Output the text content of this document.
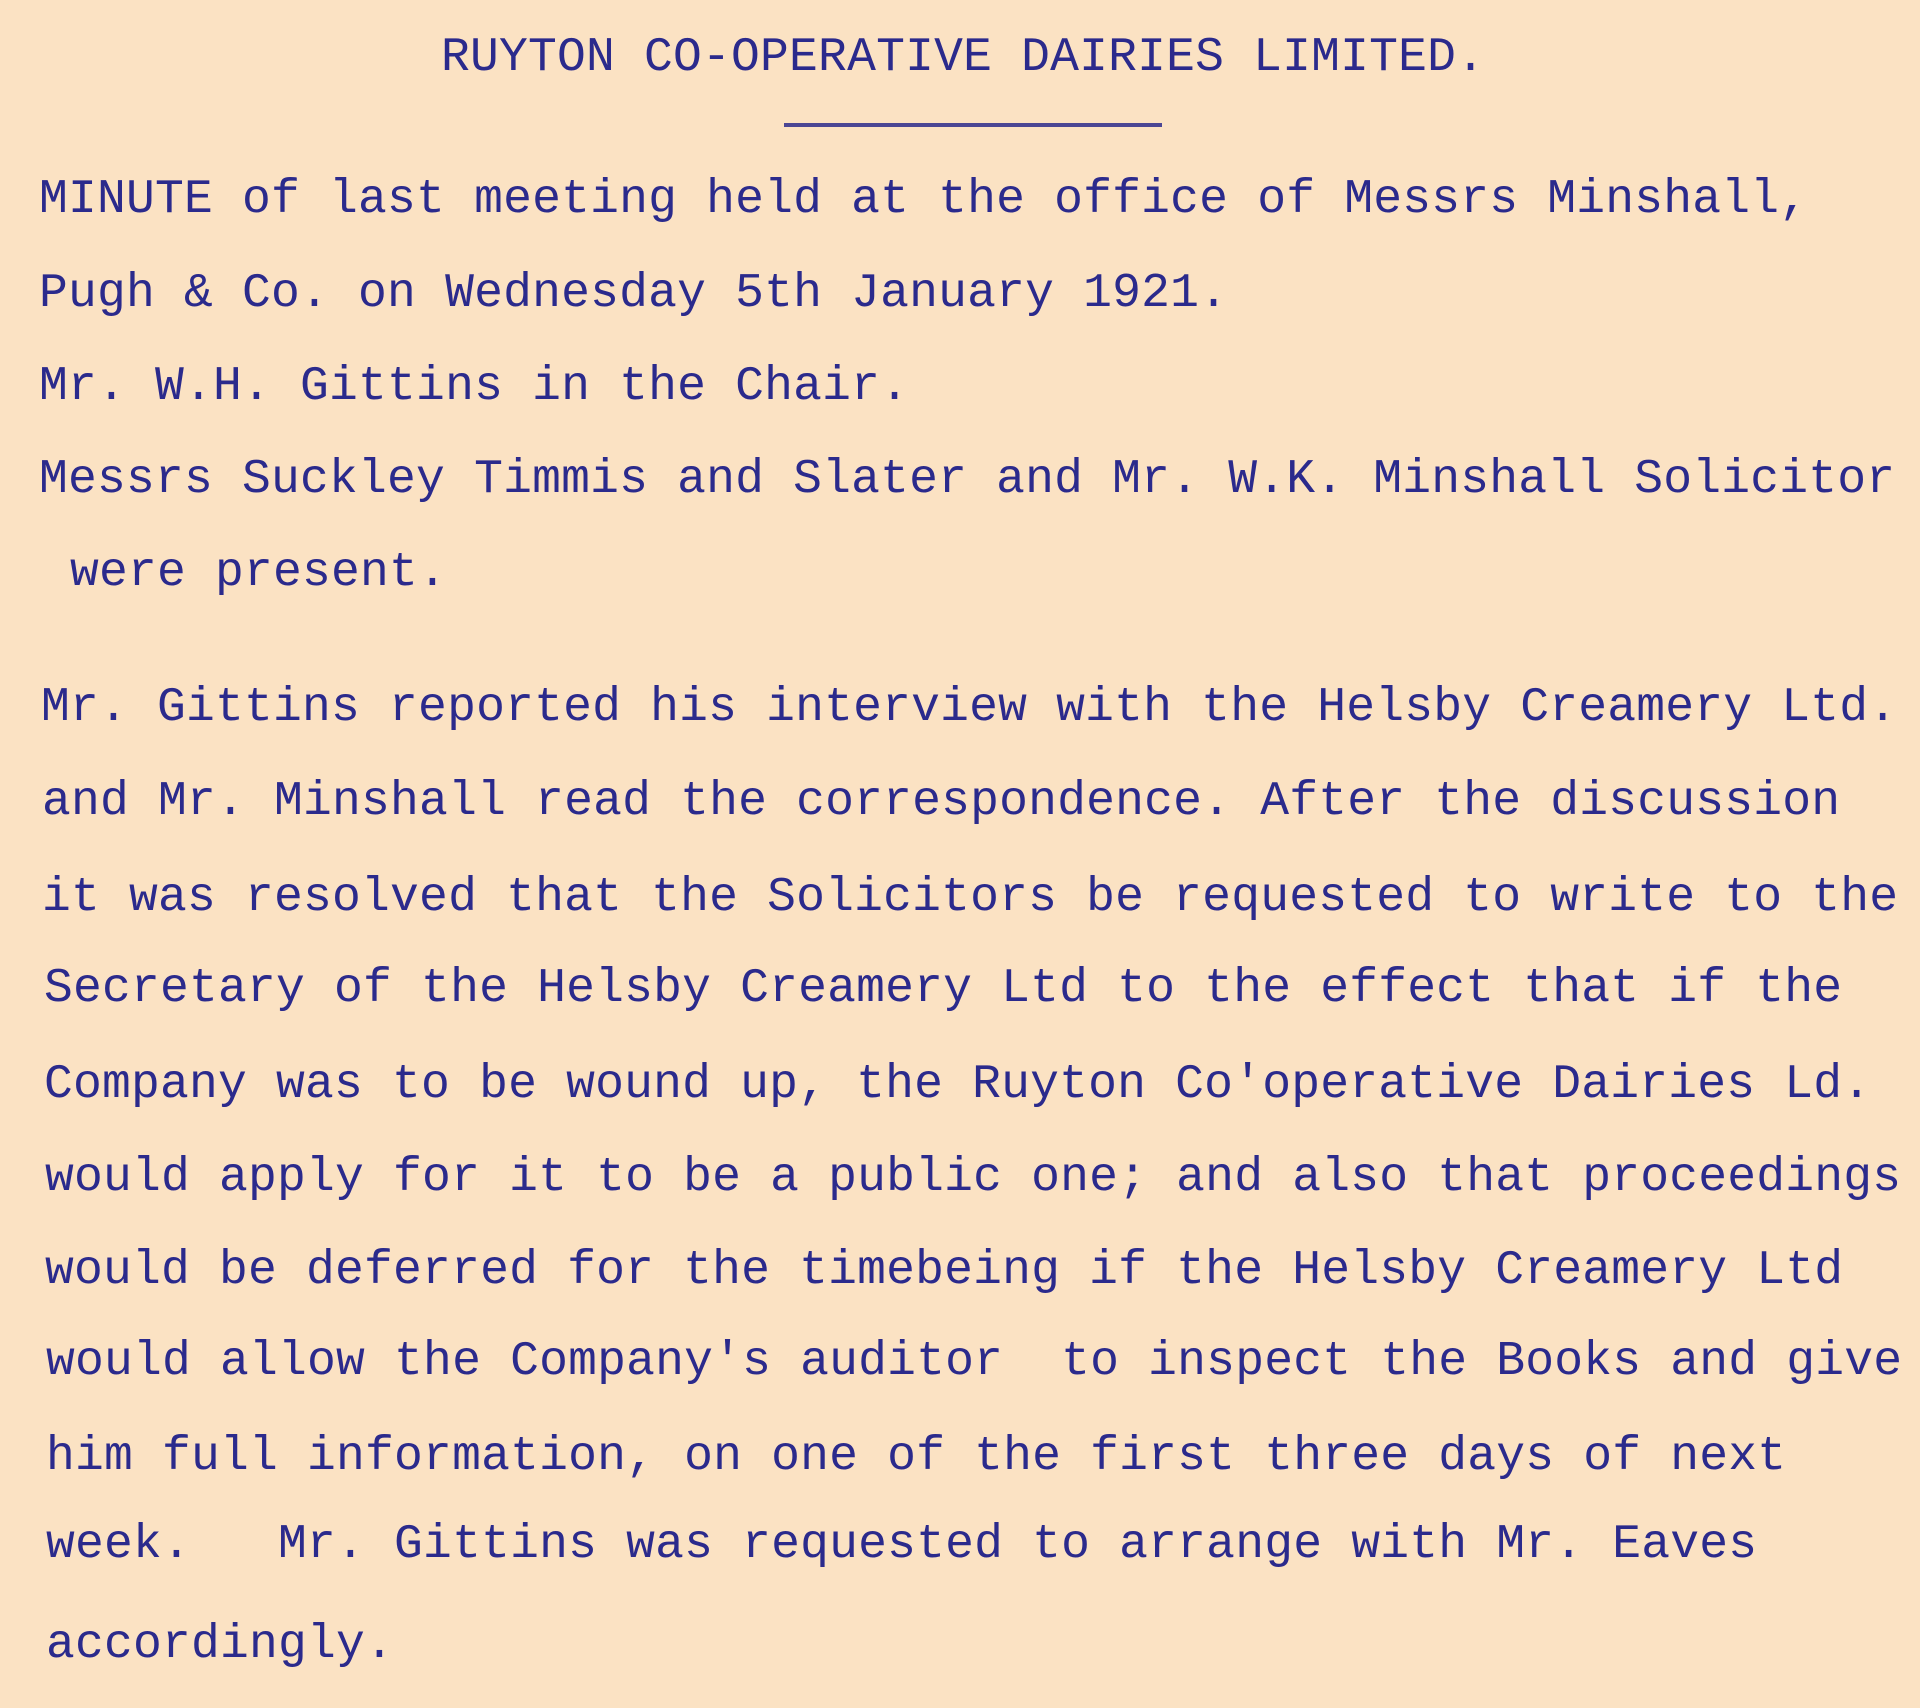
RUYTON CO-OPERATIVE DAIRIES LIMITED.
MINUTE of last meeting held at the office of Messrs Minshall,
Pugh & Co. on Wednesday 5th January 1921.
Mr. W.H. Gittins in the Chair.
Messrs Suckley Timmis and Slater and Mr. W.K. Minshall Solicitor
were present.
Mr. Gittins reported his interview with the Helsby Creamery Ltd.
and Mr. Minshall read the correspondence. After the discussion
it was resolved that the Solicitors be requested to write to the
Secretary of the Helsby Creamery Ltd to the effect that if the
Company was to be wound up, the Ruyton Co'operative Dairies Ld.
would apply for it to be a public one; and also that proceedings
would be deferred for the timebeing if the Helsby Creamery Ltd
would allow the Company's auditor  to inspect the Books and give
him full information, on one of the first three days of next
week.   Mr. Gittins was requested to arrange with Mr. Eaves
accordingly.
